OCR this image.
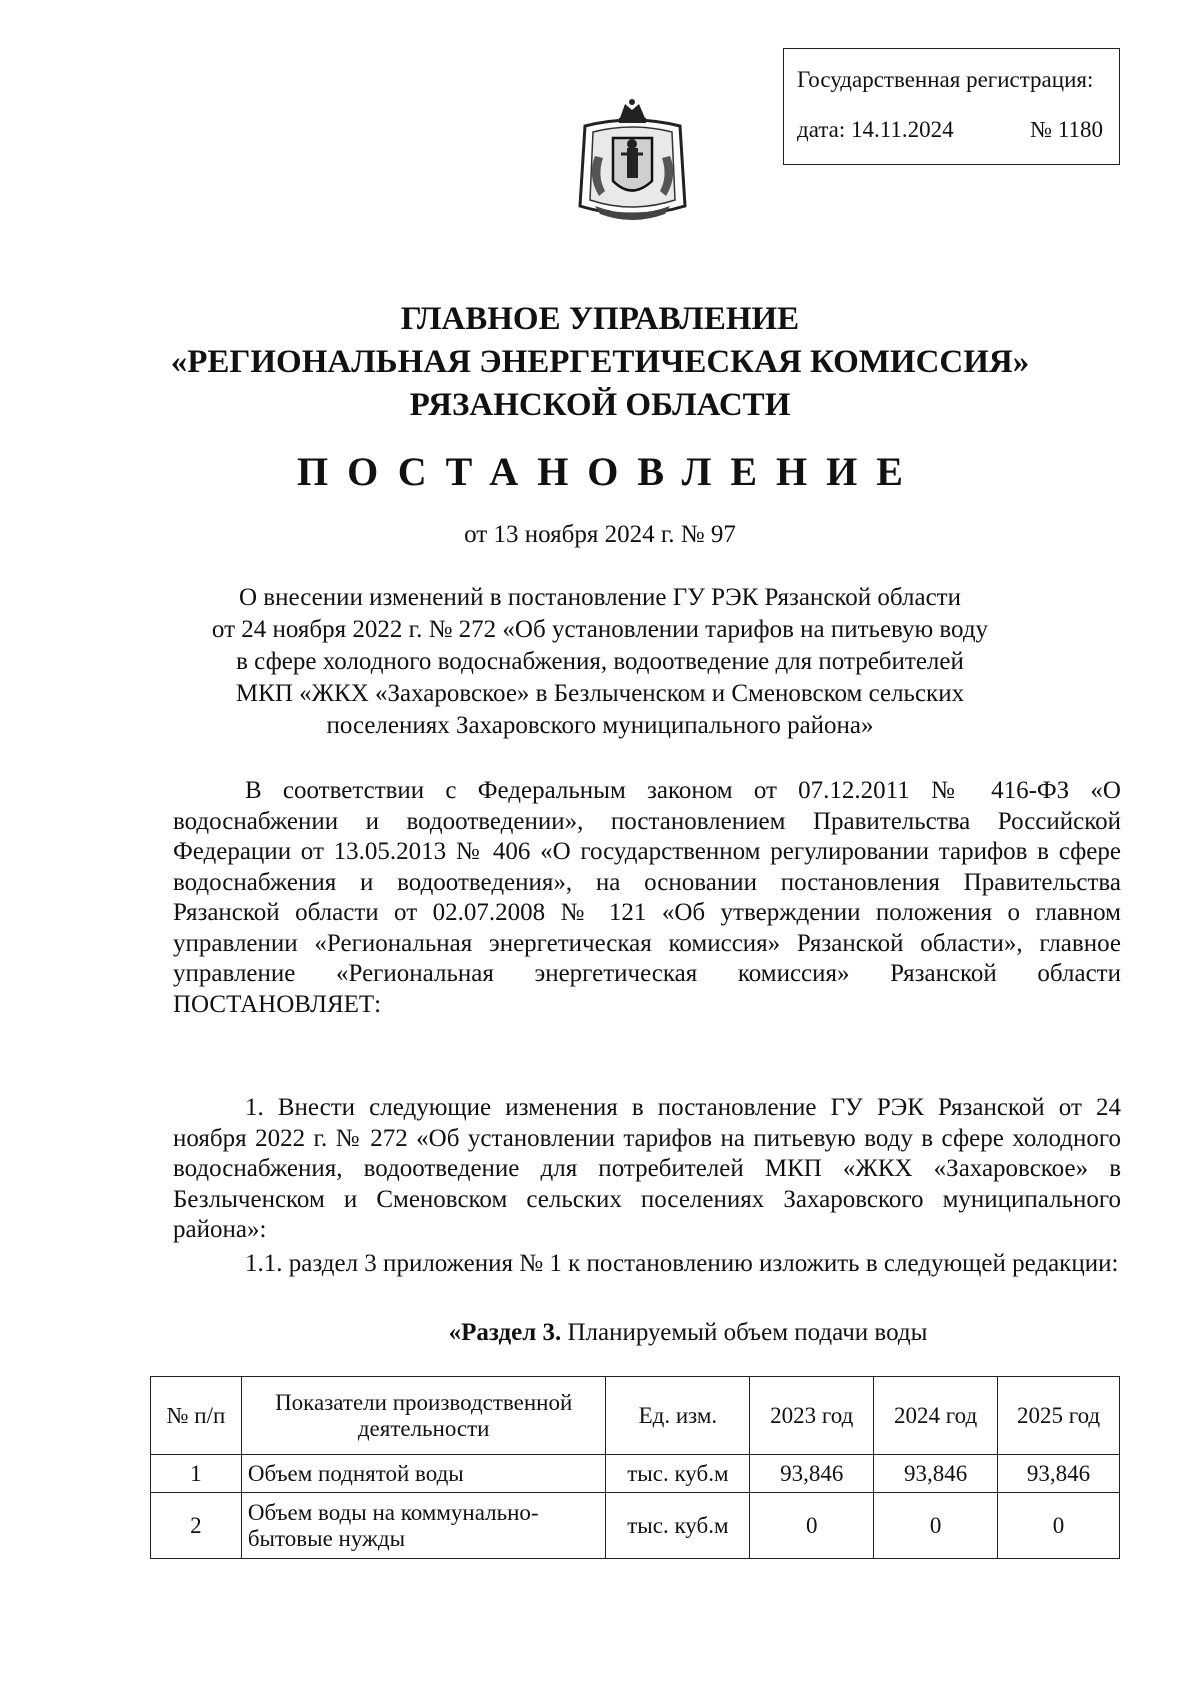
Государственная регистрация:
дата: 14.11.2024	№ 1180
ГЛАВНОЕ УПРАВЛЕНИЕ
«РЕГИОНАЛЬНАЯ ЭНЕРГЕТИЧЕСКАЯ КОМИССИЯ»
РЯЗАНСКОЙ ОБЛАСТИ
ПОСТАНОВЛЕНИЕ
от 13 ноября 2024 г. № 97
О внесении изменений в постановление ГУ РЭК Рязанской области
от 24 ноября 2022 г. № 272 «Об установлении тарифов на питьевую воду
в сфере холодного водоснабжения, водоотведение для потребителей
МКП «ЖКХ «Захаровское» в Безлыченском и Сменовском сельских
поселениях Захаровского муниципального района»

В соответствии с Федеральным законом от 07.12.2011 № 416-ФЗ «О водоснабжении и водоотведении», постановлением Правительства Российской Федерации от 13.05.2013 № 406 «О государственном регулировании тарифов в сфере водоснабжения и водоотведения», на основании постановления Правительства Рязанской области от 02.07.2008 № 121 «Об утверждении положения о главном управлении «Региональная энергетическая комиссия» Рязанской области», главное управление «Региональная энергетическая комиссия» Рязанской области ПОСТАНОВЛЯЕТ:

1. Внести следующие изменения в постановление ГУ РЭК Рязанской от 24 ноября 2022 г. № 272 «Об установлении тарифов на питьевую воду в сфере холодного водоснабжения, водоотведение для потребителей МКП «ЖКХ «Захаровское» в Безлыченском и Сменовском сельских поселениях Захаровского муниципального района»:

1.1. раздел 3 приложения № 1 к постановлению изложить в следующей редакции:

«Раздел 3. Планируемый объем подачи воды
№ п/п	Показатели производственной деятельности	Ед. изм.	2023 год	2024 год	2025 год
1	Объем поднятой воды	тыс. куб.м	93,846	93,846	93,846
2	Объем воды на коммунально-бытовые нужды	тыс. куб.м	0	0	0
